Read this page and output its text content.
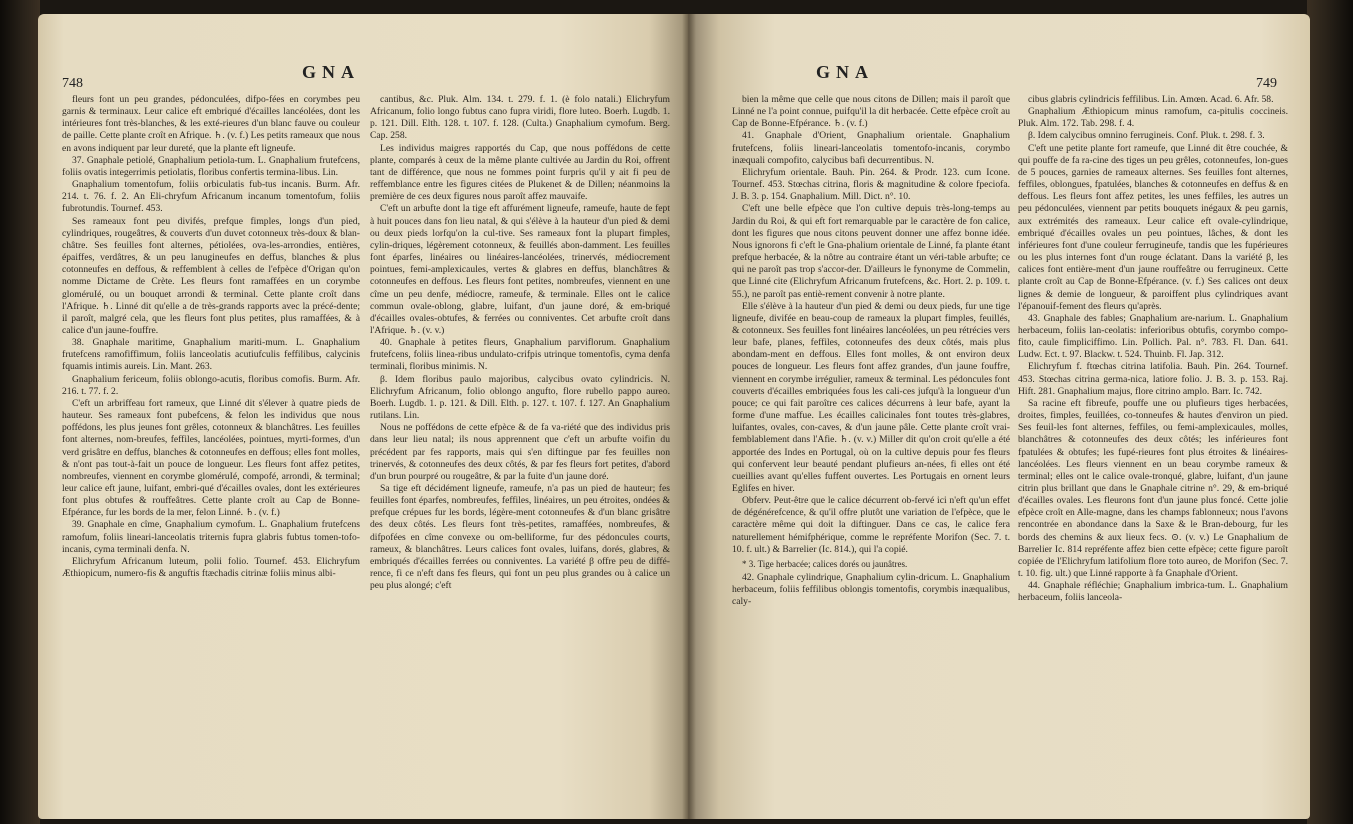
748
GNA

fleurs font un peu grandes, pédonculées, difpo-fées en corymbes peu garnis & terminaux. Leur calice eft embriqué d'écailles lancéolées, dont les intérieures font très-blanches, & les exté-rieures d'un blanc fauve ou couleur de paille. Cette plante croît en Afrique. ♄. (v. f.) Les petits rameaux que nous en avons indiquent par leur dureté, que la plante eft ligneufe.

37. Gnaphale petiolé, Gnaphalium petiola-tum. L. Gnaphalium frutefcens, foliis ovatis integerrimis petiolatis, floribus confertis termina-libus. Lin.

Gnaphalium tomentofum, foliis orbiculatis fub-tus incanis. Burm. Afr. 214. t. 76. f. 2. An Eli-chryfum Africanum incanum tomentofum, foliis fubrotundis. Tournef. 453.

Ses rameaux font peu divifés, prefque fimples, longs d'un pied, cylindriques, rougeâtres, & couverts d'un duvet cotonneux très-doux & blan-châtre. Ses feuilles font alternes, pétiolées, ova-les-arrondies, entières, épaiffes, verdâtres, & un peu lanugineufes en deffus, blanches & plus cotonneufes en deffous, & reffemblent à celles de l'efpèce d'Origan qu'on nomme Dictame de Crète. Les fleurs font ramaffées en un corymbe gloméruIé, ou un bouquet arrondi & terminal. Cette plante croît dans l'Afrique. ♄. Linné dit qu'elle a de très-grands rapports avec la précé-dente; il paroît, malgré cela, que les fleurs font plus petites, plus ramaffées, & à calice d'un jaune-fouffre.

38. Gnaphale maritime, Gnaphalium mariti-mum. L. Gnaphalium frutefcens ramofiffimum, foliis lanceolatis acutiufculis feffilibus, calycinis fquamis intimis aureis. Lin. Mant. 263.

Gnaphalium fericeum, foliis oblongo-acutis, floribus comofis. Burm. Afr. 216. t. 77. f. 2.

C'eft un arbriffeau fort rameux, que Linné dit s'élever à quatre pieds de hauteur. Ses rameaux font pubefcens, & felon les individus que nous poffédons, les plus jeunes font grêles, cotonneux & blanchâtres. Les feuilles font alternes, nom-breufes, feffiles, lancéolées, pointues, myrti-formes, d'un verd grisâtre en deffus, blanches & cotonneufes en deffous; elles font molles, & n'ont pas tout-à-fait un pouce de longueur. Les fleurs font affez petites, nombreufes, viennent en corymbe gloméruIé, compofé, arrondi, & terminal; leur calice eft jaune, luifant, embri-qué d'écailles ovales, dont les extérieures font plus obtufes & rouffeâtres. Cette plante croît au Cap de Bonne-Efpérance, fur les bords de la mer, felon Linné. ♄. (v. f.)

39. Gnaphale en cîme, Gnaphalium cymofum. L. Gnaphalium frutefcens ramofum, foliis lineari-lanceolatis triternis fupra glabris fubtus tomen-tofo-incanis, cyma terminali denfa. N.

Elichryfum Africanum luteum, polii folio. Tournef. 453. Elichryfum Æthiopicum, numero-fis & anguftis ftæchadis citrinæ foliis minus albi-

cantibus, &c. Pluk. Alm. 134. t. 279. f. 1. (è folo natali.) Elichryfum Africanum, folio longo fubtus cano fupra viridi, flore luteo. Boerh. Lugdb. 1. p. 121. Dill. Elth. 128. t. 107. f. 128. (Culta.) Gnaphalium cymofum. Berg. Cap. 258.

Les individus maigres rapportés du Cap, que nous poffédons de cette plante, comparés à ceux de la même plante cultivée au Jardin du Roi, offrent tant de différence, que nous ne fommes point furpris qu'il y ait fi peu de reffemblance entre les figures citées de Plukenet & de Dillen; néanmoins la première de ces deux figures nous paroît affez mauvaife.

C'eft un arbufte dont la tige eft affurément ligneufe, rameufe, haute de fept à huit pouces dans fon lieu natal, & qui s'élève à la hauteur d'un pied & demi ou deux pieds lorfqu'on la cul-tive. Ses rameaux font la plupart fimples, cylin-driques, légèrement cotonneux, & feuillés abon-damment. Les feuilles font éparfes, linéaires ou linéaires-lancéolées, trinervés, médiocrement pointues, femi-amplexicaules, vertes & glabres en deffus, blanchâtres & cotonneufes en deffous. Les fleurs font petites, nombreufes, viennent en une cîme un peu denfe, médiocre, rameufe, & terminale. Elles ont le calice commun ovale-oblong, glabre, luifant, d'un jaune doré, & em-briqué d'écailles ovales-obtufes, & ferrées ou conniventes. Cet arbufte croît dans l'Afrique. ♄. (v. v.)

40. Gnaphale à petites fleurs, Gnaphalium parviflorum. Gnaphalium frutefcens, foliis linea-ribus undulato-crifpis utrinque tomentofis, cyma denfa terminali, floribus minimis. N.

β. Idem floribus paulo majoribus, calycibus ovato cylindricis. N. Elichryfum Africanum, folio oblongo angufto, flore rubello pappo aureo. Boerh. Lugdb. 1. p. 121. & Dill. Elth. p. 127. t. 107. f. 127. An Gnaphalium rutilans. Lin.

Nous ne poffédons de cette efpèce & de fa va-riété que des individus pris dans leur lieu natal; ils nous apprennent que c'eft un arbufte voifin du précédent par fes rapports, mais qui s'en diftingue par fes feuilles non trinervés, & cotonneufes des deux côtés, & par fes fleurs fort petites, d'abord d'un brun pourpré ou rougeâtre, & par la fuite d'un jaune doré.

Sa tige eft décidément ligneufe, rameufe, n'a pas un pied de hauteur; fes feuilles font éparfes, nombreufes, feffiles, linéaires, un peu étroites, ondées & prefque crépues fur les bords, légère-ment cotonneufes & d'un blanc grisâtre des deux côtés. Les fleurs font très-petites, ramaffées, nombreufes, & difpofées en cîme convexe ou om-belliforme, fur des pédoncules courts, rameux, & blanchâtres. Leurs calices font ovales, luifans, dorés, glabres, & embriqués d'écailles ferrées ou conniventes. La variété β offre peu de diffé-rence, fi ce n'eft dans fes fleurs, qui font un peu plus grandes ou à calice un peu plus alongé; c'eft

GNA
749

bien la même que celle que nous citons de Dillen; mais il paroît que Linné ne l'a point connue, puifqu'il la dit herbacée. Cette efpèce croît au Cap de Bonne-Efpérance. ♄. (v. f.)

41. Gnaphale d'Orient, Gnaphalium orientale. Gnaphalium frutefcens, foliis lineari-lanceolatis tomentofo-incanis, corymbo inæquali compofito, calycibus bafi decurrentibus. N.

Elichryfum orientale. Bauh. Pin. 264. & Prodr. 123. cum Icone. Tournef. 453. Stœchas citrina, floris & magnitudine & colore fpeciofa. J. B. 3. p. 154. Gnaphalium. Mill. Dict. n°. 10.

C'eft une belle efpèce que l'on cultive depuis très-long-temps au Jardin du Roi, & qui eft fort remarquable par le caractère de fon calice, dont les figures que nous citons peuvent donner une affez bonne idée. Nous ignorons fi c'eft le Gna-phalium orientale de Linné, fa plante étant prefque herbacée, & la nôtre au contraire étant un véri-table arbufte; ce qui ne paroît pas trop s'accor-der. D'ailleurs le fynonyme de Commelin, que Linné cite (Elichryfum Africanum frutefcens, &c. Hort. 2. p. 109. t. 55.), ne paroît pas entiè-rement convenir à notre plante.

Elle s'élève à la hauteur d'un pied & demi ou deux pieds, fur une tige ligneufe, divifée en beau-coup de rameaux la plupart fimples, feuillés, & cotonneux. Ses feuilles font linéaires lancéolées, un peu rétrécies vers leur bafe, planes, feffiles, cotonneufes des deux côtés, mais plus abondam-ment en deffous. Elles font molles, & ont environ deux pouces de longueur. Les fleurs font affez grandes, d'un jaune fouffre, viennent en corymbe irrégulier, rameux & terminal. Les pédoncules font couverts d'écailles embriquées fous les cali-ces jufqu'à la longueur d'un pouce; ce qui fait paroître ces calices décurrens à leur bafe, ayant la forme d'une maffue. Les écailles calicinales font toutes très-glabres, luifantes, ovales, con-caves, & d'un jaune pâle. Cette plante croît vrai-femblablement dans l'Afie. ♄. (v. v.) Miller dit qu'on croit qu'elle a été apportée des Indes en Portugal, où on la cultive depuis pour fes fleurs qui confervent leur beauté pendant plufieurs an-nées, fi elles ont été cueillies avant qu'elles fuffent ouvertes. Les Portugais en ornent leurs Eglifes en hiver.

Obferv. Peut-être que le calice décurrent ob-fervé ici n'eft qu'un effet de dégénérefcence, & qu'il offre plutôt une variation de l'efpèce, que le caractère même qui doit la diftinguer. Dans ce cas, le calice fera naturellement hémifphérique, comme le repréfente Morifon (Sec. 7. t. 10. f. ult.) & Barrelier (Ic. 814.), qui l'a copié.

* 3. Tige herbacée; calices dorés ou jaunâtres.

42. Gnaphale cylindrique, Gnaphalium cylin-dricum. L. Gnaphalium herbaceum, foliis feffilibus oblongis tomentofis, corymbis inæqualibus, caly-

cibus glabris cylindricis feffilibus. Lin. Amœn. Acad. 6. Afr. 58.

Gnaphalium Æthiopicum minus ramofum, ca-pitulis coccineis. Pluk. Alm. 172. Tab. 298. f. 4.

β. Idem calycibus omnino ferrugineis. Conf. Pluk. t. 298. f. 3.

C'eft une petite plante fort rameufe, que Linné dit être couchée, & qui pouffe de fa ra-cine des tiges un peu grêles, cotonneufes, lon-gues de 5 pouces, garnies de rameaux alternes. Ses feuilles font alternes, feffiles, oblongues, fpatulées, blanches & cotonneufes en deffus & en deffous. Les fleurs font affez petites, les unes feffiles, les autres un peu pédonculées, viennent par petits bouquets inégaux & peu garnis, aux extrémités des rameaux. Leur calice eft ovale-cylindrique, embriqué d'écailles ovales un peu pointues, lâches, & dont les inférieures font d'une couleur ferrugineufe, tandis que les fupérieures ou les plus internes font d'un rouge éclatant. Dans la variété β, les calices font entière-ment d'un jaune rouffeâtre ou ferrugineux. Cette plante croît au Cap de Bonne-Efpérance. (v. f.) Ses calices ont deux lignes & demie de longueur, & paroiffent plus cylindriques avant l'épanouif-fement des fleurs qu'après.

43. Gnaphale des fables; Gnaphalium are-narium. L. Gnaphalium herbaceum, foliis lan-ceolatis: inferioribus obtufis, corymbo compo-fito, caule fimpliciffimo. Lin. Pollich. Pal. n°. 783. Fl. Dan. 641. Ludw. Ect. t. 97. Blackw. t. 524. Thuinb. Fl. Jap. 312.

Elichryfum f. ftœchas citrina latifolia. Bauh. Pin. 264. Tournef. 453. Stœchas citrina germa-nica, latiore folio. J. B. 3. p. 153. Raj. Hift. 281. Gnaphalium majus, flore citrino amplo. Barr. Ic. 742.

Sa racine eft fibreufe, pouffe une ou plufieurs tiges herbacées, droites, fimples, feuillées, co-tonneufes & hautes d'environ un pied. Ses feuil-les font alternes, feffiles, ou femi-amplexicaules, molles, blanchâtres & cotonneufes des deux côtés; les inférieures font fpatulées & obtufes; les fupé-rieures font plus étroites & linéaires-lancéolées. Les fleurs viennent en un beau corymbe rameux & terminal; elles ont le calice ovale-tronqué, glabre, luifant, d'un jaune citrin plus brillant que dans le Gnaphale citrine n°. 29, & em-briqué d'écailles ovales. Les fleurons font d'un jaune plus foncé. Cette jolie efpèce croît en Alle-magne, dans les champs fablonneux; nous l'avons rencontrée en abondance dans la Saxe & le Bran-debourg, fur les bords des chemins & aux lieux fecs. ⊙. (v. v.) Le Gnaphalium de Barrelier Ic. 814 repréfente affez bien cette efpèce; cette figure paroît copiée de l'Elichryfum latifolium flore toto aureo, de Morifon (Sec. 7. t. 10. fig. ult.) que Linné rapporte à fa Gnaphale d'Orient.

44. Gnaphale réfléchie; Gnaphalium imbrica-tum. L. Gnaphalium herbaceum, foliis lanceola-
